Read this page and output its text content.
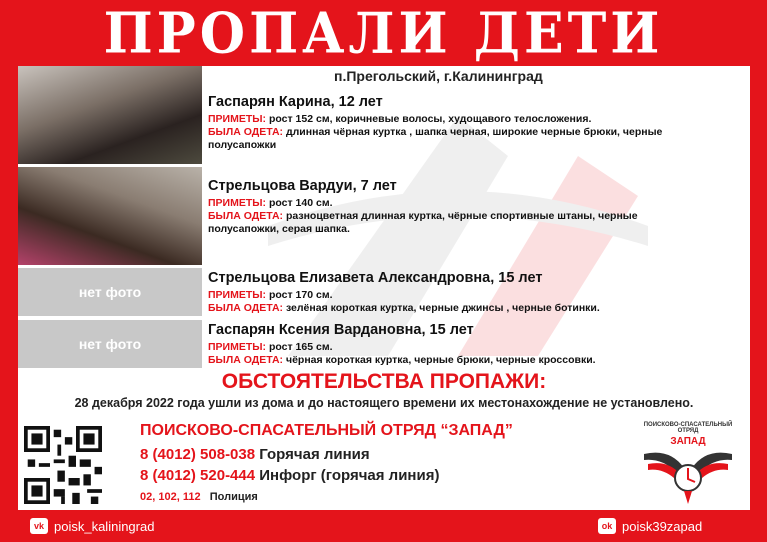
ПРОПАЛИ ДЕТИ
нет фото
нет фото
п.Прегольский, г.Калининград
Гаспарян Карина, 12 лет
ПРИМЕТЫ: рост 152 см, коричневые волосы, худощавого телосложения.
БЫЛА ОДЕТА: длинная чёрная куртка , шапка черная, широкие черные брюки, черные
полусапожки
Стрельцова Вардуи, 7 лет
ПРИМЕТЫ: рост 140 см.
БЫЛА ОДЕТА: разноцветная длинная куртка, чёрные спортивные штаны, черные
полусапожки, серая шапка.
Стрельцова Елизавета Александровна, 15 лет
ПРИМЕТЫ: рост 170 см.
БЫЛА ОДЕТА: зелёная короткая куртка, черные джинсы , черные ботинки.
Гаспарян Ксения Вардановна, 15 лет
ПРИМЕТЫ: рост 165 см.
БЫЛА ОДЕТА: чёрная короткая куртка, черные брюки, черные кроссовки.
ОБСТОЯТЕЛЬСТВА ПРОПАЖИ:
28 декабря 2022 года ушли из дома и до настоящего времени их местонахождение не установлено.
ПОИСКОВО-СПАСАТЕЛЬНЫЙ ОТРЯД “ЗАПАД”
8 (4012) 508-038 Горячая линия
8 (4012) 520-444 Инфорг (горячая линия)
02, 102, 112 Полиция
ПОИСКОВО-СПАСАТЕЛЬНЫЙ ОТРЯД
ЗАПАД
vk poisk_kaliningrad	ok poisk39zapad
